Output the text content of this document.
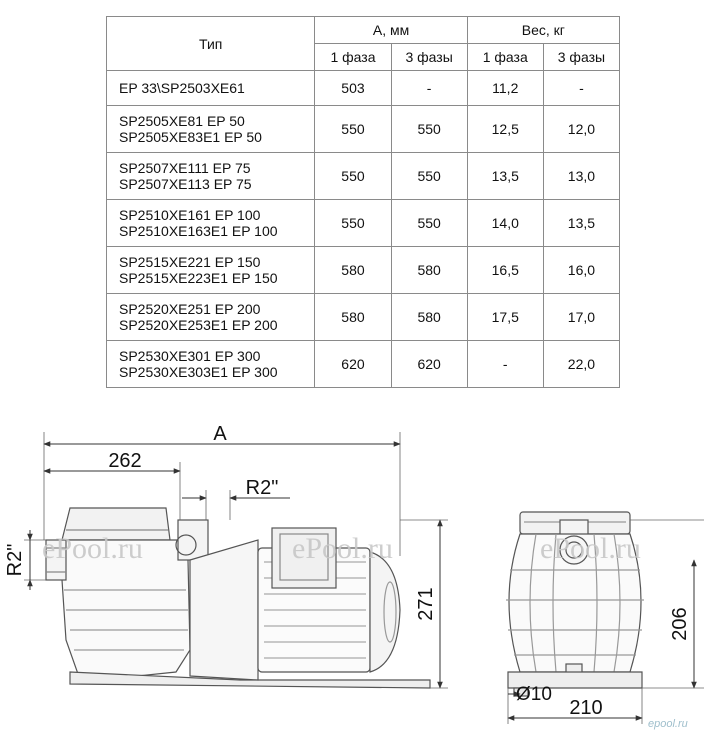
Тип	А, мм		Вес, кг	
	1 фаза	3 фазы	1 фаза	3 фазы
EP 33\SP2503XE61	503	-	11,2	-
SP2505XE81 EP 50
SP2505XE83E1 EP 50	550	550	12,5	12,0
SP2507XE111 EP 75
SP2507XE113 EP 75	550	550	13,5	13,0
SP2510XE161 EP 100
SP2510XE163E1 EP 100	550	550	14,0	13,5
SP2515XE221 EP 150
SP2515XE223E1 EP 150	580	580	16,5	16,0
SP2520XE251 EP 200
SP2520XE253E1 EP 200	580	580	17,5	17,0
SP2530XE301 EP 300
SP2530XE303E1 EP 300	620	620	-	22,0
A
262
R2"
R2"
271
206
Ø10
210
ePool.ru	ePool.ru	ePool.ru
epool.ru
